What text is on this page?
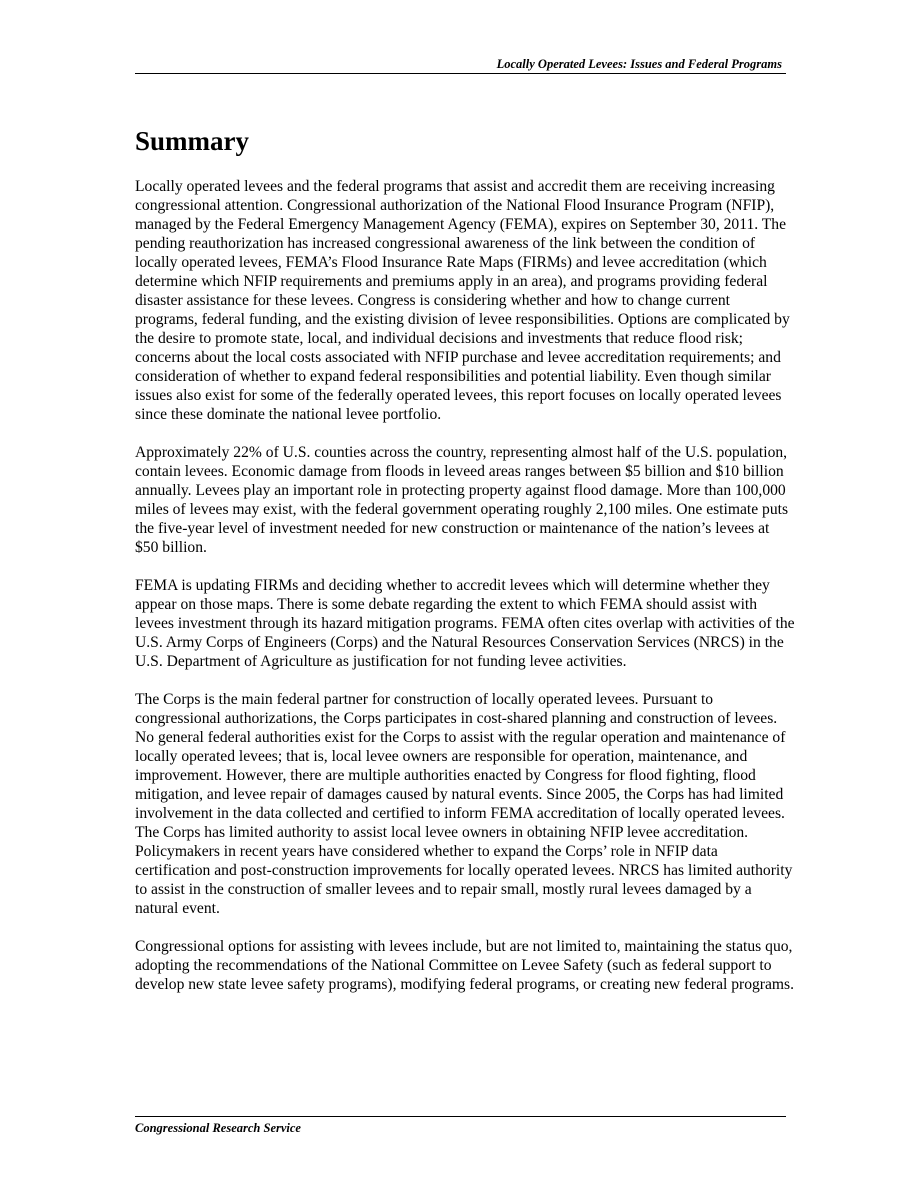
Locally Operated Levees: Issues and Federal Programs
Summary

Locally operated levees and the federal programs that assist and accredit them are receiving increasing congressional attention. Congressional authorization of the National Flood Insurance Program (NFIP), managed by the Federal Emergency Management Agency (FEMA), expires on September 30, 2011. The pending reauthorization has increased congressional awareness of the link between the condition of locally operated levees, FEMA’s Flood Insurance Rate Maps (FIRMs) and levee accreditation (which determine which NFIP requirements and premiums apply in an area), and programs providing federal disaster assistance for these levees. Congress is considering whether and how to change current programs, federal funding, and the existing division of levee responsibilities. Options are complicated by the desire to promote state, local, and individual decisions and investments that reduce flood risk; concerns about the local costs associated with NFIP purchase and levee accreditation requirements; and consideration of whether to expand federal responsibilities and potential liability. Even though similar issues also exist for some of the federally operated levees, this report focuses on locally operated levees since these dominate the national levee portfolio.

Approximately 22% of U.S. counties across the country, representing almost half of the U.S. population, contain levees. Economic damage from floods in leveed areas ranges between $5 billion and $10 billion annually. Levees play an important role in protecting property against flood damage. More than 100,000 miles of levees may exist, with the federal government operating roughly 2,100 miles. One estimate puts the five-year level of investment needed for new construction or maintenance of the nation’s levees at $50 billion.

FEMA is updating FIRMs and deciding whether to accredit levees which will determine whether they appear on those maps. There is some debate regarding the extent to which FEMA should assist with levees investment through its hazard mitigation programs. FEMA often cites overlap with activities of the U.S. Army Corps of Engineers (Corps) and the Natural Resources Conservation Services (NRCS) in the U.S. Department of Agriculture as justification for not funding levee activities.

The Corps is the main federal partner for construction of locally operated levees. Pursuant to congressional authorizations, the Corps participates in cost-shared planning and construction of levees. No general federal authorities exist for the Corps to assist with the regular operation and maintenance of locally operated levees; that is, local levee owners are responsible for operation, maintenance, and improvement. However, there are multiple authorities enacted by Congress for flood fighting, flood mitigation, and levee repair of damages caused by natural events. Since 2005, the Corps has had limited involvement in the data collected and certified to inform FEMA accreditation of locally operated levees. The Corps has limited authority to assist local levee owners in obtaining NFIP levee accreditation. Policymakers in recent years have considered whether to expand the Corps’ role in NFIP data certification and post-construction improvements for locally operated levees. NRCS has limited authority to assist in the construction of smaller levees and to repair small, mostly rural levees damaged by a natural event.

Congressional options for assisting with levees include, but are not limited to, maintaining the status quo, adopting the recommendations of the National Committee on Levee Safety (such as federal support to develop new state levee safety programs), modifying federal programs, or creating new federal programs.

Congressional Research Service
